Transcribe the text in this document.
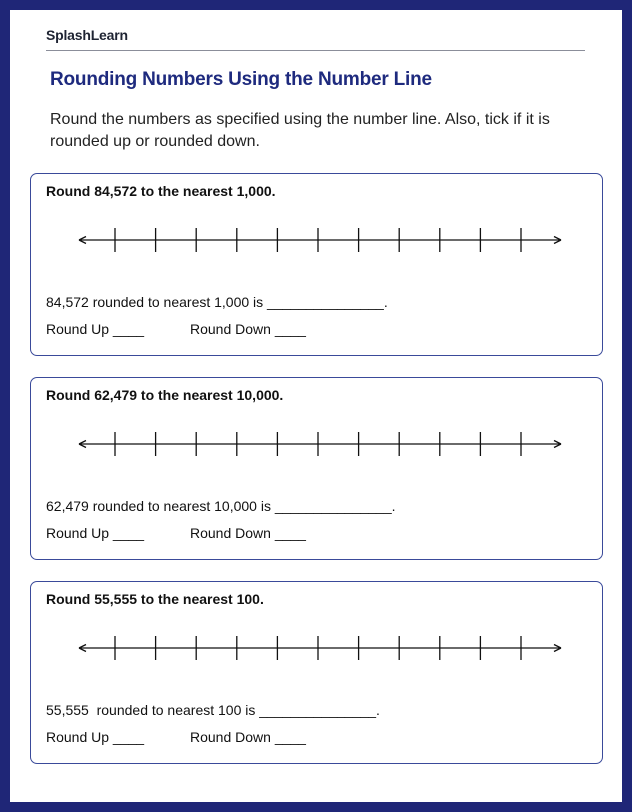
SplashLearn
Rounding Numbers Using the Number Line
Round the numbers as specified using the number line. Also, tick if it is rounded up or rounded down.
Round 84,572 to the nearest 1,000.
84,572 rounded to nearest 1,000 is _______________.
Round Up ____	Round Down ____
Round 62,479 to the nearest 10,000.
62,479 rounded to nearest 10,000 is _______________.
Round Up ____	Round Down ____
Round 55,555 to the nearest 100.
55,555  rounded to nearest 100 is _______________.
Round Up ____	Round Down ____
